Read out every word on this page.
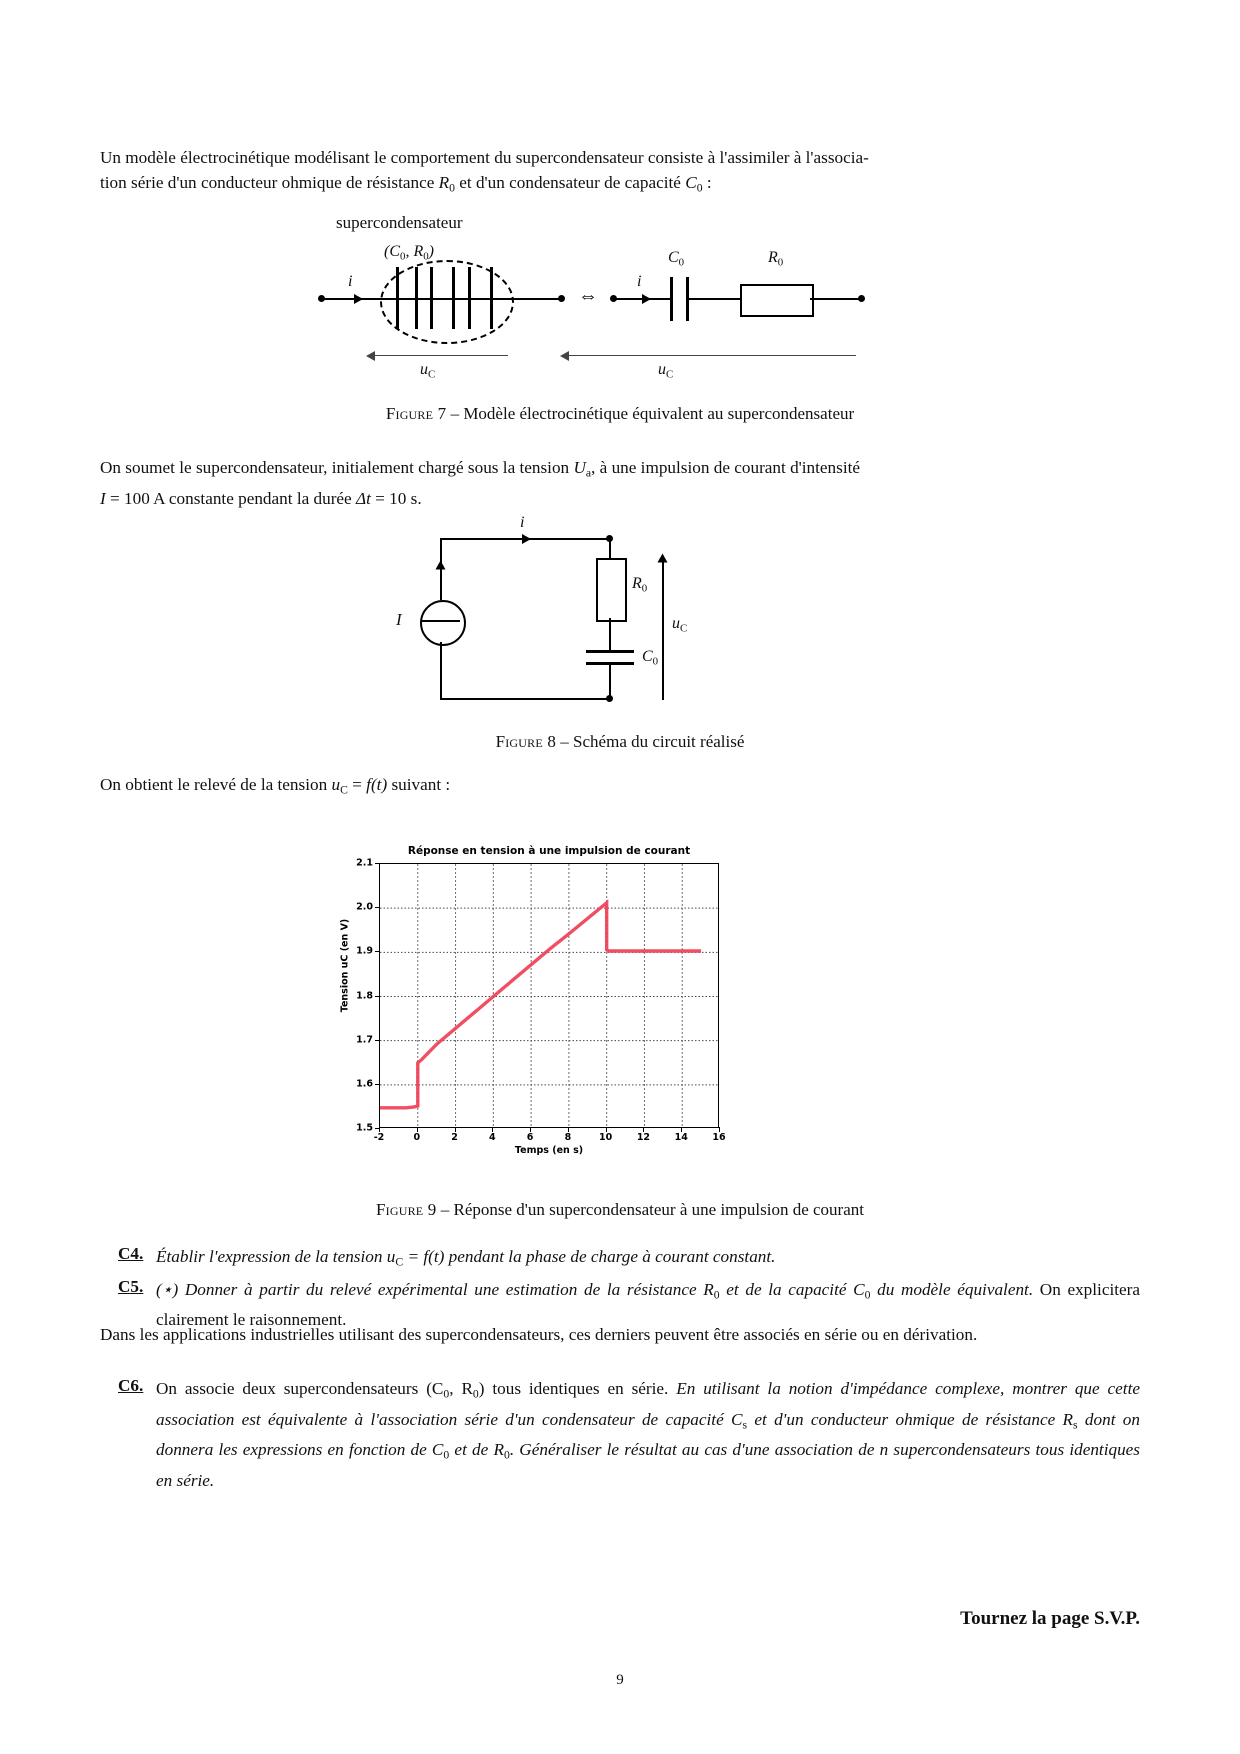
Un modèle électrocinétique modélisant le comportement du supercondensateur consiste à l'assimiler à l'associa-
tion série d'un conducteur ohmique de résistance $R_0$ et d'un condensateur de capacité $C_0$ :
supercondensateur
($C_0$, $R_0$)
i
⇔
i
$C_0$	$R_0$
$u_C$	$u_C$
Figure 7 – Modèle électrocinétique équivalent au supercondensateur
On soumet le supercondensateur, initialement chargé sous la tension $U_a$, à une impulsion de courant d'intensité
I = 100 A constante pendant la durée Δt = 10 s.
i
I
$R_0$
$C_0$
$u_C$
Figure 8 – Schéma du circuit réalisé
On obtient le relevé de la tension $u_C = f(t)$ suivant :
Réponse en tension à une impulsion de courant
Tension uC (en V)
Temps (en s)
1.5
1.6
1.7
1.8
1.9
2.0
2.1
-2	0	2	4	6	8	10	12	14	16
Figure 9 – Réponse d'un supercondensateur à une impulsion de courant
C4. Établir l'expression de la tension $u_C = f(t)$ pendant la phase de charge à courant constant.
C5. (⋆) Donner à partir du relevé expérimental une estimation de la résistance $R_0$ et de la capacité $C_0$ du modèle équivalent. On explicitera clairement le raisonnement.
Dans les applications industrielles utilisant des supercondensateurs, ces derniers peuvent être associés en série ou en dérivation.
C6. On associe deux supercondensateurs ($C_0$, $R_0$) tous identiques en série. En utilisant la notion d'impédance complexe, montrer que cette association est équivalente à l'association série d'un condensateur de capacité $C_s$ et d'un conducteur ohmique de résistance $R_s$ dont on donnera les expressions en fonction de $C_0$ et de $R_0$. Généraliser le résultat au cas d'une association de n supercondensateurs tous identiques en série.
Tournez la page S.V.P.
9
